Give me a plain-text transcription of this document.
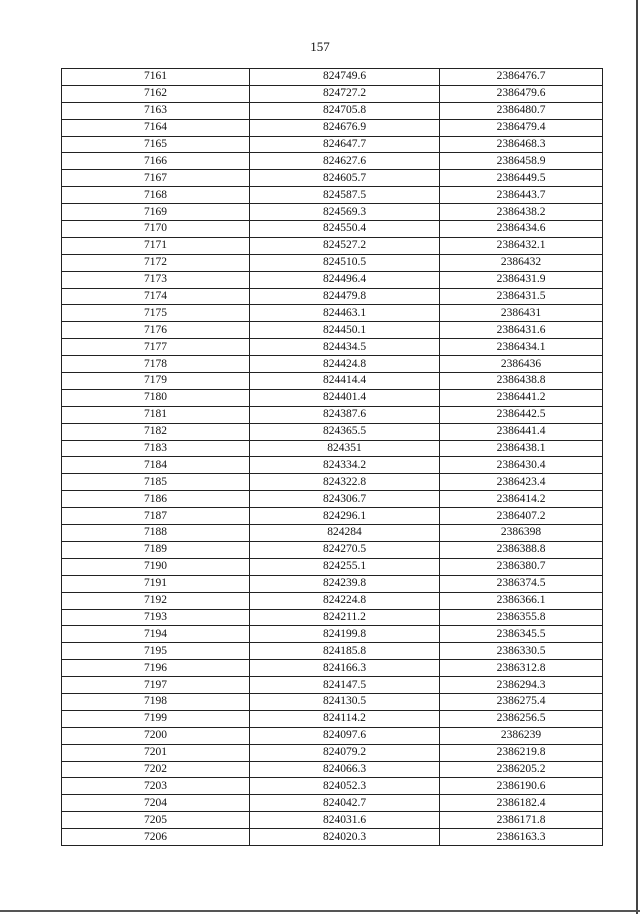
157
7161	824749.6	2386476.7
7162	824727.2	2386479.6
7163	824705.8	2386480.7
7164	824676.9	2386479.4
7165	824647.7	2386468.3
7166	824627.6	2386458.9
7167	824605.7	2386449.5
7168	824587.5	2386443.7
7169	824569.3	2386438.2
7170	824550.4	2386434.6
7171	824527.2	2386432.1
7172	824510.5	2386432
7173	824496.4	2386431.9
7174	824479.8	2386431.5
7175	824463.1	2386431
7176	824450.1	2386431.6
7177	824434.5	2386434.1
7178	824424.8	2386436
7179	824414.4	2386438.8
7180	824401.4	2386441.2
7181	824387.6	2386442.5
7182	824365.5	2386441.4
7183	824351	2386438.1
7184	824334.2	2386430.4
7185	824322.8	2386423.4
7186	824306.7	2386414.2
7187	824296.1	2386407.2
7188	824284	2386398
7189	824270.5	2386388.8
7190	824255.1	2386380.7
7191	824239.8	2386374.5
7192	824224.8	2386366.1
7193	824211.2	2386355.8
7194	824199.8	2386345.5
7195	824185.8	2386330.5
7196	824166.3	2386312.8
7197	824147.5	2386294.3
7198	824130.5	2386275.4
7199	824114.2	2386256.5
7200	824097.6	2386239
7201	824079.2	2386219.8
7202	824066.3	2386205.2
7203	824052.3	2386190.6
7204	824042.7	2386182.4
7205	824031.6	2386171.8
7206	824020.3	2386163.3
